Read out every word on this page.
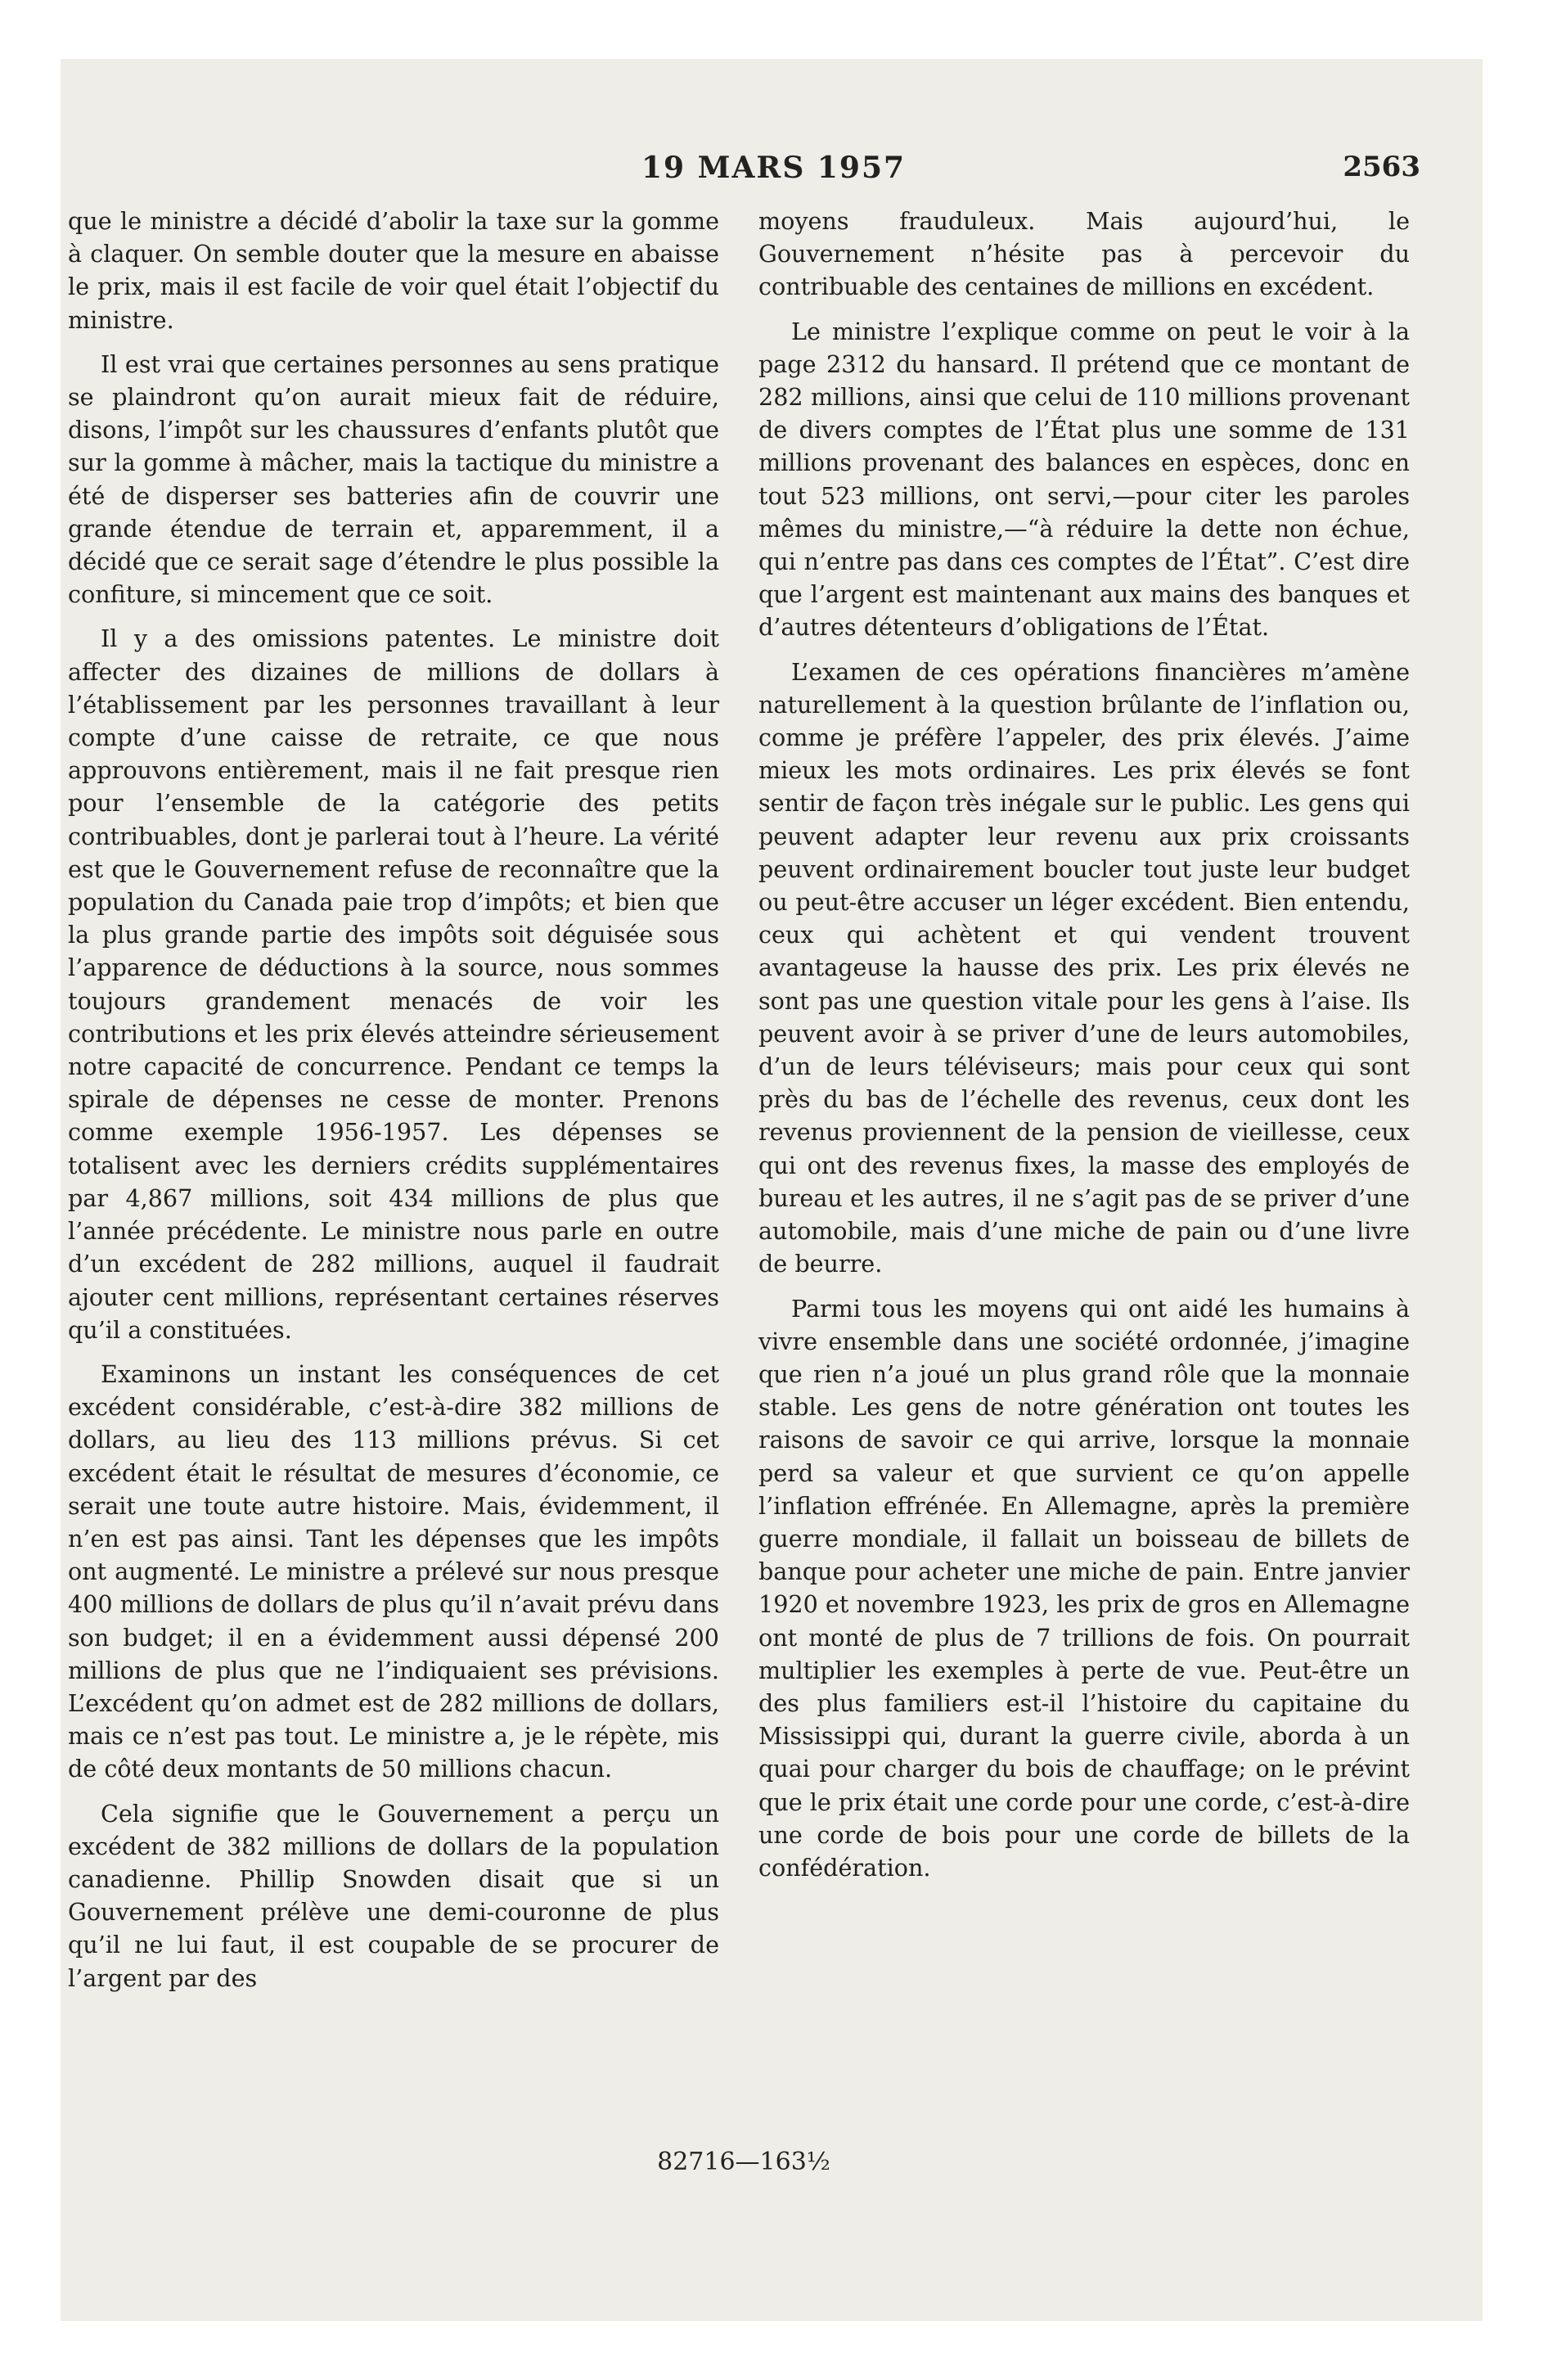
19 MARS 1957	2563

que le ministre a décidé d’abolir la taxe sur la gomme à claquer. On semble douter que la mesure en abaisse le prix, mais il est facile de voir quel était l’objectif du ministre.

Il est vrai que certaines personnes au sens pratique se plaindront qu’on aurait mieux fait de réduire, disons, l’impôt sur les chaussures d’enfants plutôt que sur la gomme à mâcher, mais la tactique du ministre a été de disperser ses batteries afin de couvrir une grande étendue de terrain et, apparemment, il a décidé que ce serait sage d’étendre le plus possible la confiture, si mincement que ce soit.

Il y a des omissions patentes. Le ministre doit affecter des dizaines de millions de dollars à l’établissement par les personnes travaillant à leur compte d’une caisse de retraite, ce que nous approuvons entièrement, mais il ne fait presque rien pour l’ensemble de la catégorie des petits contribuables, dont je parlerai tout à l’heure. La vérité est que le Gouvernement refuse de reconnaître que la population du Canada paie trop d’impôts; et bien que la plus grande partie des impôts soit déguisée sous l’apparence de déductions à la source, nous sommes toujours grandement menacés de voir les contributions et les prix élevés atteindre sérieusement notre capacité de concurrence. Pendant ce temps la spirale de dépenses ne cesse de monter. Prenons comme exemple 1956-1957. Les dépenses se totalisent avec les derniers crédits supplémentaires par 4,867 millions, soit 434 millions de plus que l’année précédente. Le ministre nous parle en outre d’un excédent de 282 millions, auquel il faudrait ajouter cent millions, représentant certaines réserves qu’il a constituées.

Examinons un instant les conséquences de cet excédent considérable, c’est-à-dire 382 millions de dollars, au lieu des 113 millions prévus. Si cet excédent était le résultat de mesures d’économie, ce serait une toute autre histoire. Mais, évidemment, il n’en est pas ainsi. Tant les dépenses que les impôts ont augmenté. Le ministre a prélevé sur nous presque 400 millions de dollars de plus qu’il n’avait prévu dans son budget; il en a évidemment aussi dépensé 200 millions de plus que ne l’indiquaient ses prévisions. L’excédent qu’on admet est de 282 millions de dollars, mais ce n’est pas tout. Le ministre a, je le répète, mis de côté deux montants de 50 millions chacun.

Cela signifie que le Gouvernement a perçu un excédent de 382 millions de dollars de la population canadienne. Phillip Snowden disait que si un Gouvernement prélève une demi-couronne de plus qu’il ne lui faut, il est coupable de se procurer de l’argent par des

moyens frauduleux. Mais aujourd’hui, le Gouvernement n’hésite pas à percevoir du contribuable des centaines de millions en excédent.

Le ministre l’explique comme on peut le voir à la page 2312 du hansard. Il prétend que ce montant de 282 millions, ainsi que celui de 110 millions provenant de divers comptes de l’État plus une somme de 131 millions provenant des balances en espèces, donc en tout 523 millions, ont servi,—pour citer les paroles mêmes du ministre,—“à réduire la dette non échue, qui n’entre pas dans ces comptes de l’État”. C’est dire que l’argent est maintenant aux mains des banques et d’autres détenteurs d’obligations de l’État.

L’examen de ces opérations financières m’amène naturellement à la question brûlante de l’inflation ou, comme je préfère l’appeler, des prix élevés. J’aime mieux les mots ordinaires. Les prix élevés se font sentir de façon très inégale sur le public. Les gens qui peuvent adapter leur revenu aux prix croissants peuvent ordinairement boucler tout juste leur budget ou peut-être accuser un léger excédent. Bien entendu, ceux qui achètent et qui vendent trouvent avantageuse la hausse des prix. Les prix élevés ne sont pas une question vitale pour les gens à l’aise. Ils peuvent avoir à se priver d’une de leurs automobiles, d’un de leurs téléviseurs; mais pour ceux qui sont près du bas de l’échelle des revenus, ceux dont les revenus proviennent de la pension de vieillesse, ceux qui ont des revenus fixes, la masse des employés de bureau et les autres, il ne s’agit pas de se priver d’une automobile, mais d’une miche de pain ou d’une livre de beurre.

Parmi tous les moyens qui ont aidé les humains à vivre ensemble dans une société ordonnée, j’imagine que rien n’a joué un plus grand rôle que la monnaie stable. Les gens de notre génération ont toutes les raisons de savoir ce qui arrive, lorsque la monnaie perd sa valeur et que survient ce qu’on appelle l’inflation effrénée. En Allemagne, après la première guerre mondiale, il fallait un boisseau de billets de banque pour acheter une miche de pain. Entre janvier 1920 et novembre 1923, les prix de gros en Allemagne ont monté de plus de 7 trillions de fois. On pourrait multiplier les exemples à perte de vue. Peut-être un des plus familiers est-il l’histoire du capitaine du Mississippi qui, durant la guerre civile, aborda à un quai pour charger du bois de chauffage; on le prévint que le prix était une corde pour une corde, c’est-à-dire une corde de bois pour une corde de billets de la confédération.

82716—163½
